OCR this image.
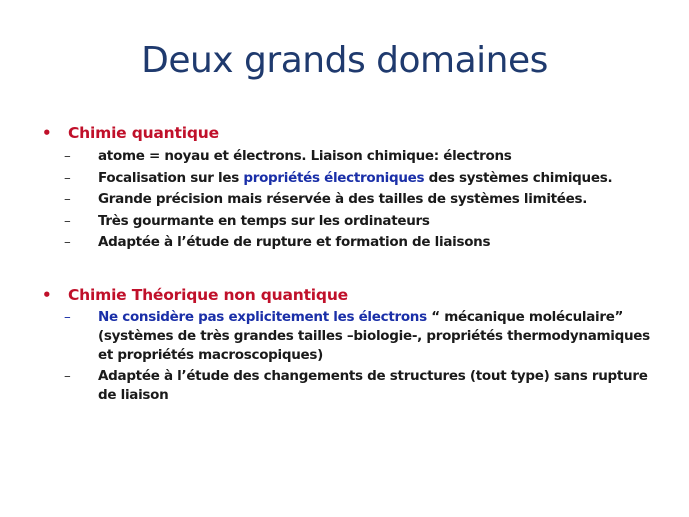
Deux grands domaines
• Chimie quantique
– atome = noyau et électrons. Liaison chimique: électrons
– Focalisation sur les propriétés électroniques des systèmes chimiques.
– Grande précision mais réservée à des tailles de systèmes limitées.
– Très gourmante en temps sur les ordinateurs
– Adaptée à l’étude de rupture et formation de liaisons
• Chimie Théorique non quantique
– Ne considère pas explicitement les électrons “ mécanique moléculaire” (systèmes de très grandes tailles –biologie-, propriétés thermodynamiques et propriétés macroscopiques)
– Adaptée à l’étude des changements de structures (tout type) sans rupture de liaison
